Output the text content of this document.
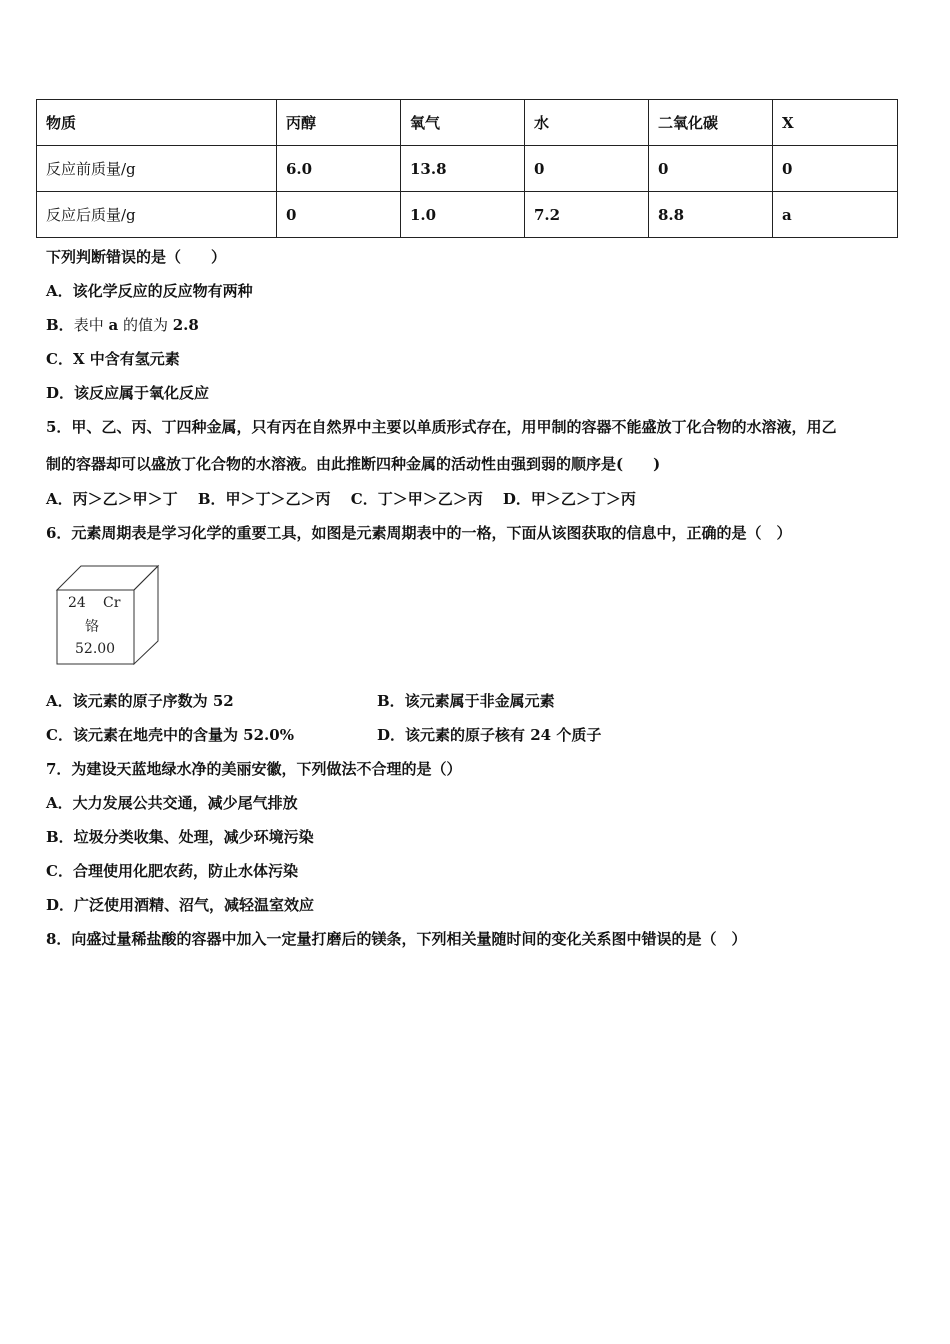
物质	丙醇	氧气	水	二氧化碳	X
反应前质量/g	6.0	13.8	0	0	0
反应后质量/g	0	1.0	7.2	8.8	a
下列判断错误的是（　　）
A．该化学反应的反应物有两种
B．表中 a 的值为 2.8
C．X 中含有氢元素
D．该反应属于氧化反应
5．甲、乙、丙、丁四种金属，只有丙在自然界中主要以单质形式存在，用甲制的容器不能盛放丁化合物的水溶液，用乙
制的容器却可以盛放丁化合物的水溶液。由此推断四种金属的活动性由强到弱的顺序是(　　)
A．丙＞乙＞甲＞丁　 B．甲＞丁＞乙＞丙　 C．丁＞甲＞乙＞丙　 D．甲＞乙＞丁＞丙
6．元素周期表是学习化学的重要工具，如图是元素周期表中的一格，下面从该图获取的信息中，正确的是（　）
24 Cr
铬
52.00
A．该元素的原子序数为 52	B．该元素属于非金属元素
C．该元素在地壳中的含量为 52.0%	D．该元素的原子核有 24 个质子
7．为建设天蓝地绿水净的美丽安徽，下列做法不合理的是（）
A．大力发展公共交通，减少尾气排放
B．垃圾分类收集、处理，减少环境污染
C．合理使用化肥农药，防止水体污染
D．广泛使用酒精、沼气，减轻温室效应
8．向盛过量稀盐酸的容器中加入一定量打磨后的镁条，下列相关量随时间的变化关系图中错误的是（　）
